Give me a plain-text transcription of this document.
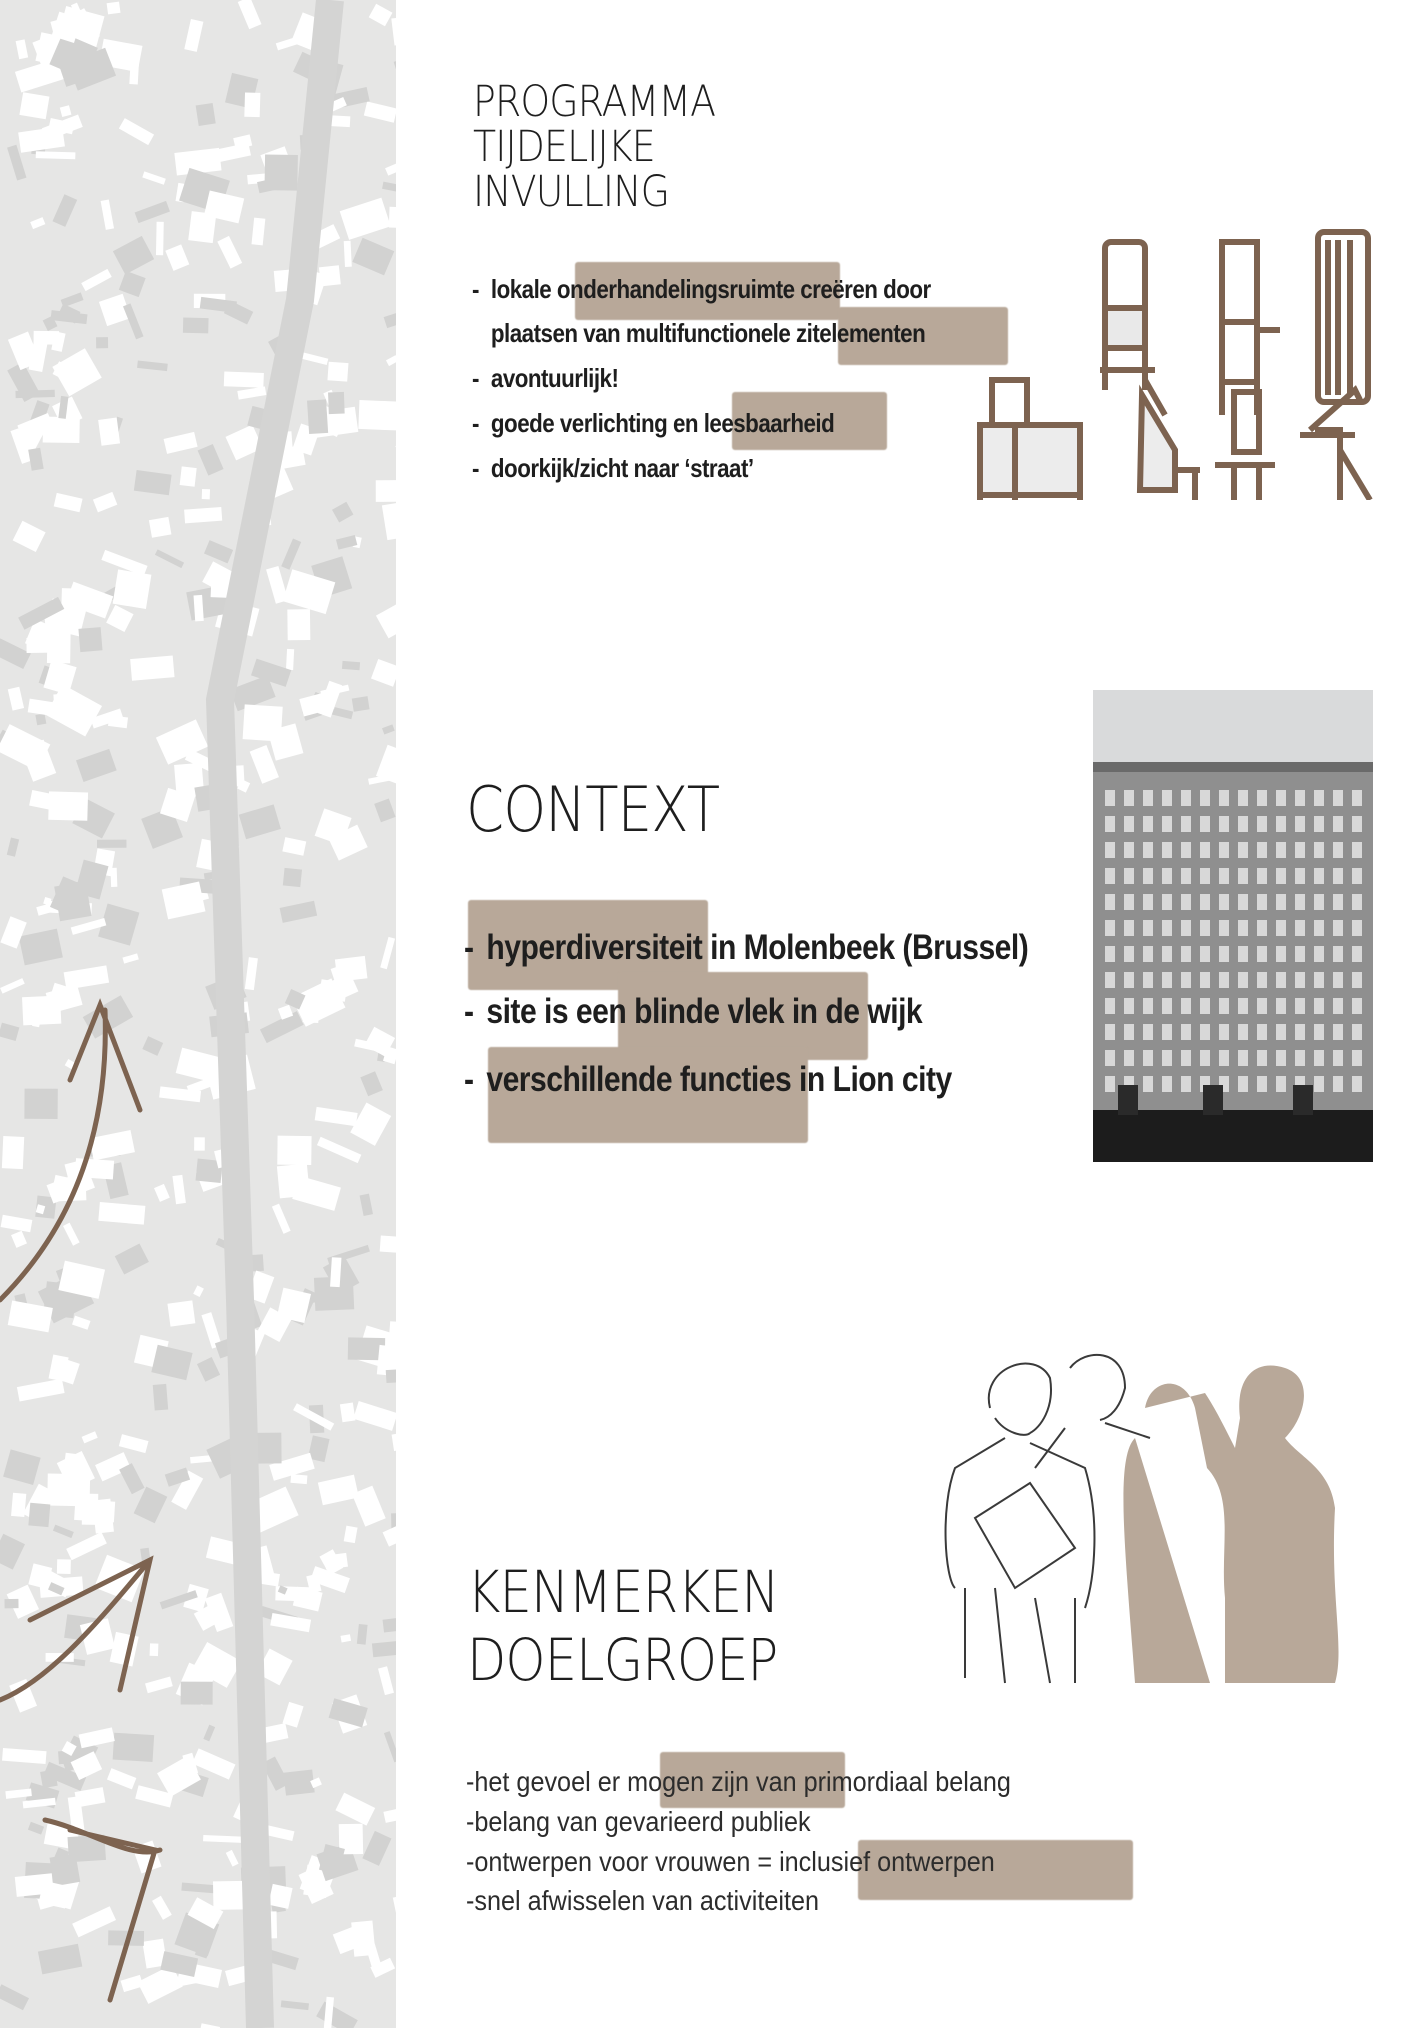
PROGRAMMA
TIJDELIJKE
INVULLING
- lokale onderhandelingsruimte creëren door
plaatsen van multifunctionele zitelementen
- avontuurlijk!
- goede verlichting en leesbaarheid
- doorkijk/zicht naar ‘straat’
CONTEXT
- hyperdiversiteit in Molenbeek (Brussel)
- site is een blinde vlek in de wijk
- verschillende functies in Lion city
KENMERKEN
DOELGROEP
-het gevoel er mogen zijn van primordiaal belang
-belang van gevarieerd publiek
-ontwerpen voor vrouwen = inclusief ontwerpen
-snel afwisselen van activiteiten
